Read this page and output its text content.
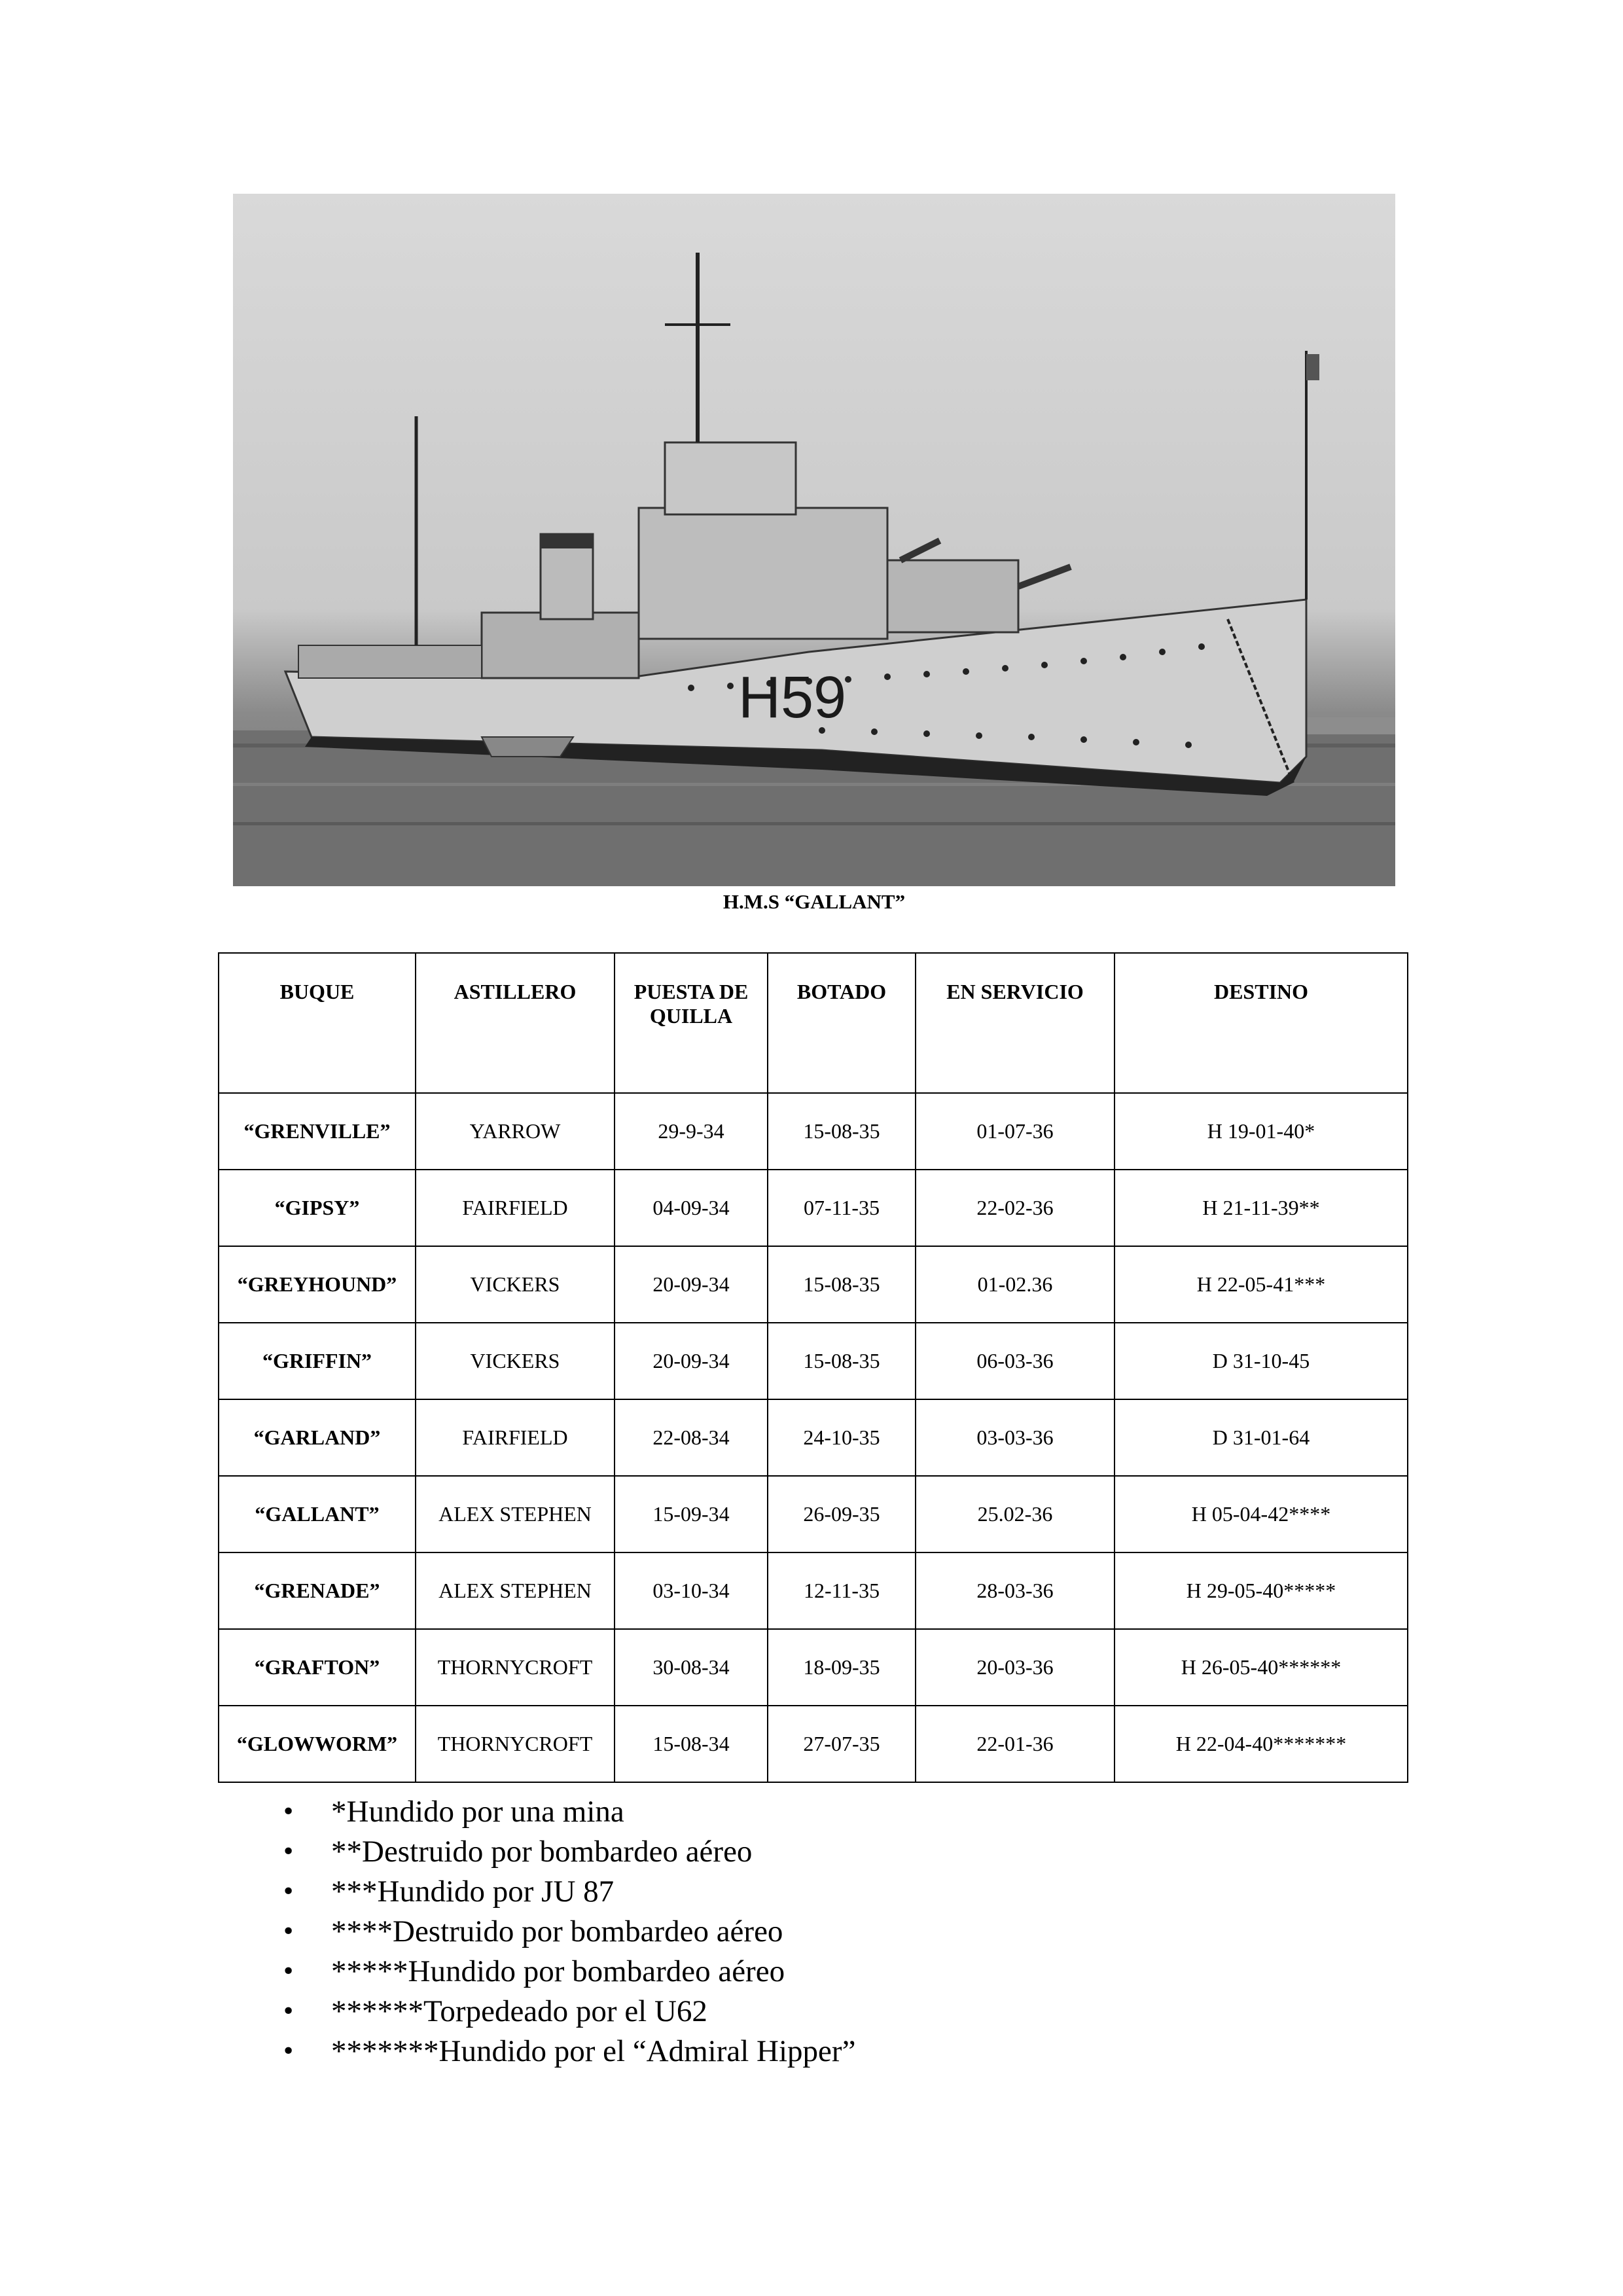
H59
H.M.S “GALLANT”
BUQUE	ASTILLERO	PUESTA DE QUILLA	BOTADO	EN SERVICIO	DESTINO
“GRENVILLE”	YARROW	29-9-34	15-08-35	01-07-36	H 19-01-40*
“GIPSY”	FAIRFIELD	04-09-34	07-11-35	22-02-36	H 21-11-39**
“GREYHOUND”	VICKERS	20-09-34	15-08-35	01-02.36	H 22-05-41***
“GRIFFIN”	VICKERS	20-09-34	15-08-35	06-03-36	D 31-10-45
“GARLAND”	FAIRFIELD	22-08-34	24-10-35	03-03-36	D 31-01-64
“GALLANT”	ALEX STEPHEN	15-09-34	26-09-35	25.02-36	H 05-04-42****
“GRENADE”	ALEX STEPHEN	03-10-34	12-11-35	28-03-36	H 29-05-40*****
“GRAFTON”	THORNYCROFT	30-08-34	18-09-35	20-03-36	H 26-05-40******
“GLOWWORM”	THORNYCROFT	15-08-34	27-07-35	22-01-36	H 22-04-40*******
• *Hundido por una mina
• **Destruido por bombardeo aéreo
• ***Hundido por JU 87
• ****Destruido por bombardeo aéreo
• *****Hundido por bombardeo aéreo
• ******Torpedeado por el U62
• *******Hundido por el “Admiral Hipper”
